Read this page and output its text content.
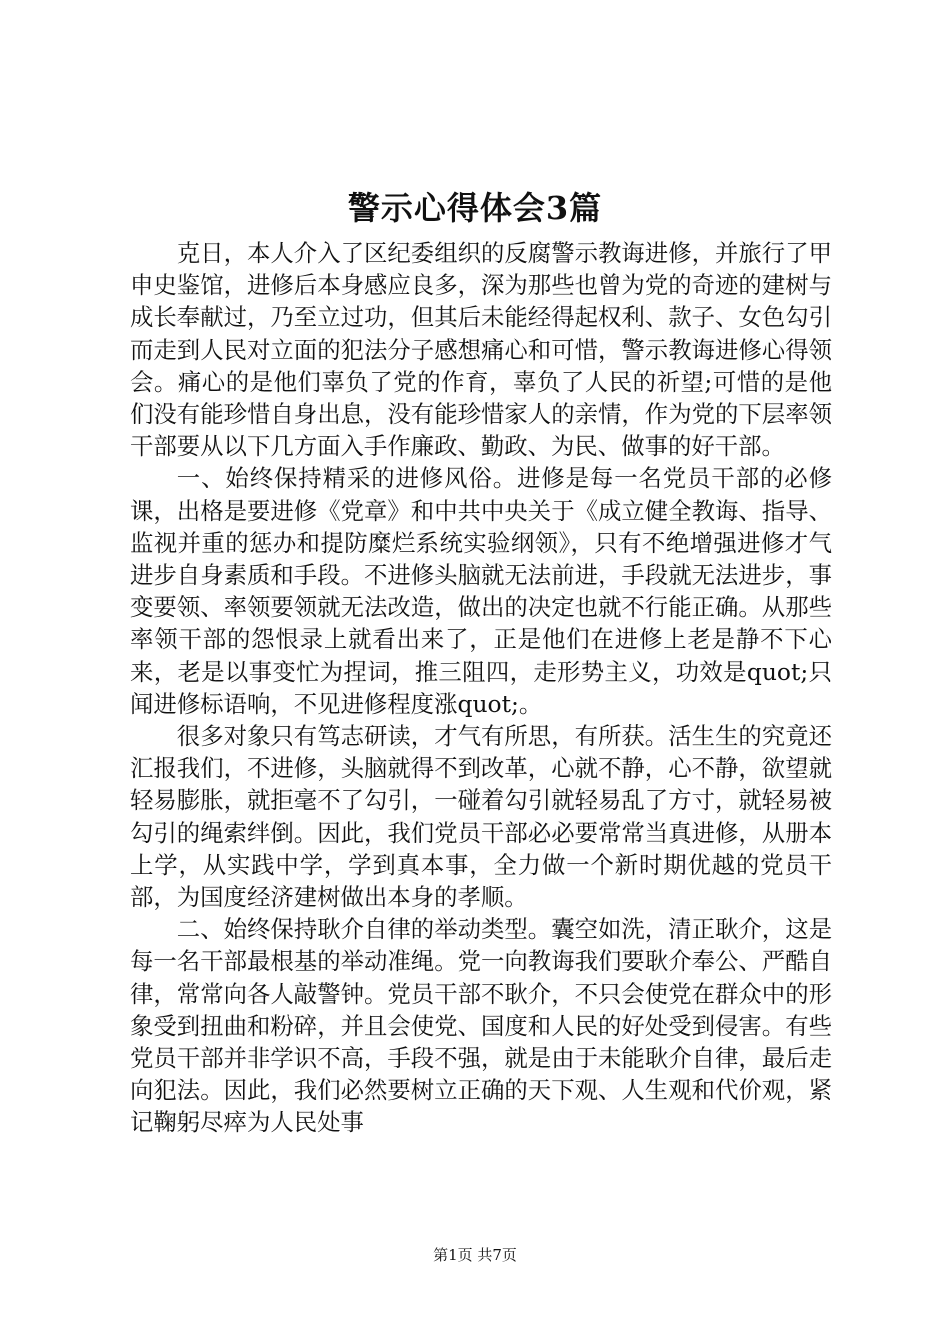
警示心得体会3篇

克日，本人介入了区纪委组织的反腐警示教诲进修，并旅行了甲申史鉴馆，进修后本身感应良多，深为那些也曾为党的奇迹的建树与成长奉献过，乃至立过功，但其后未能经得起权利、款子、女色勾引而走到人民对立面的犯法分子感想痛心和可惜，警示教诲进修心得领会。痛心的是他们辜负了党的作育，辜负了人民的祈望;可惜的是他们没有能珍惜自身出息，没有能珍惜家人的亲情，作为党的下层率领干部要从以下几方面入手作廉政、勤政、为民、做事的好干部。

一、始终保持精采的进修风俗。进修是每一名党员干部的必修课，出格是要进修《党章》和中共中央关于《成立健全教诲、指导、监视并重的惩办和提防糜烂系统实验纲领》，只有不绝增强进修才气进步自身素质和手段。不进修头脑就无法前进，手段就无法进步，事变要领、率领要领就无法改造，做出的决定也就不行能正确。从那些率领干部的怨恨录上就看出来了，正是他们在进修上老是静不下心来，老是以事变忙为捏词，推三阻四，走形势主义，功效是quot;只闻进修标语响，不见进修程度涨quot;。

很多对象只有笃志研读，才气有所思，有所获。活生生的究竟还汇报我们，不进修，头脑就得不到改革，心就不静，心不静，欲望就轻易膨胀，就拒毫不了勾引，一碰着勾引就轻易乱了方寸，就轻易被勾引的绳索绊倒。因此，我们党员干部必必要常常当真进修，从册本上学，从实践中学，学到真本事，全力做一个新时期优越的党员干部，为国度经济建树做出本身的孝顺。

二、始终保持耿介自律的举动类型。囊空如洗，清正耿介，这是每一名干部最根基的举动准绳。党一向教诲我们要耿介奉公、严酷自律，常常向各人敲警钟。党员干部不耿介，不只会使党在群众中的形象受到扭曲和粉碎，并且会使党、国度和人民的好处受到侵害。有些党员干部并非学识不高，手段不强，就是由于未能耿介自律，最后走向犯法。因此，我们必然要树立正确的天下观、人生观和代价观，紧记鞠躬尽瘁为人民处事

第1页 共7页
